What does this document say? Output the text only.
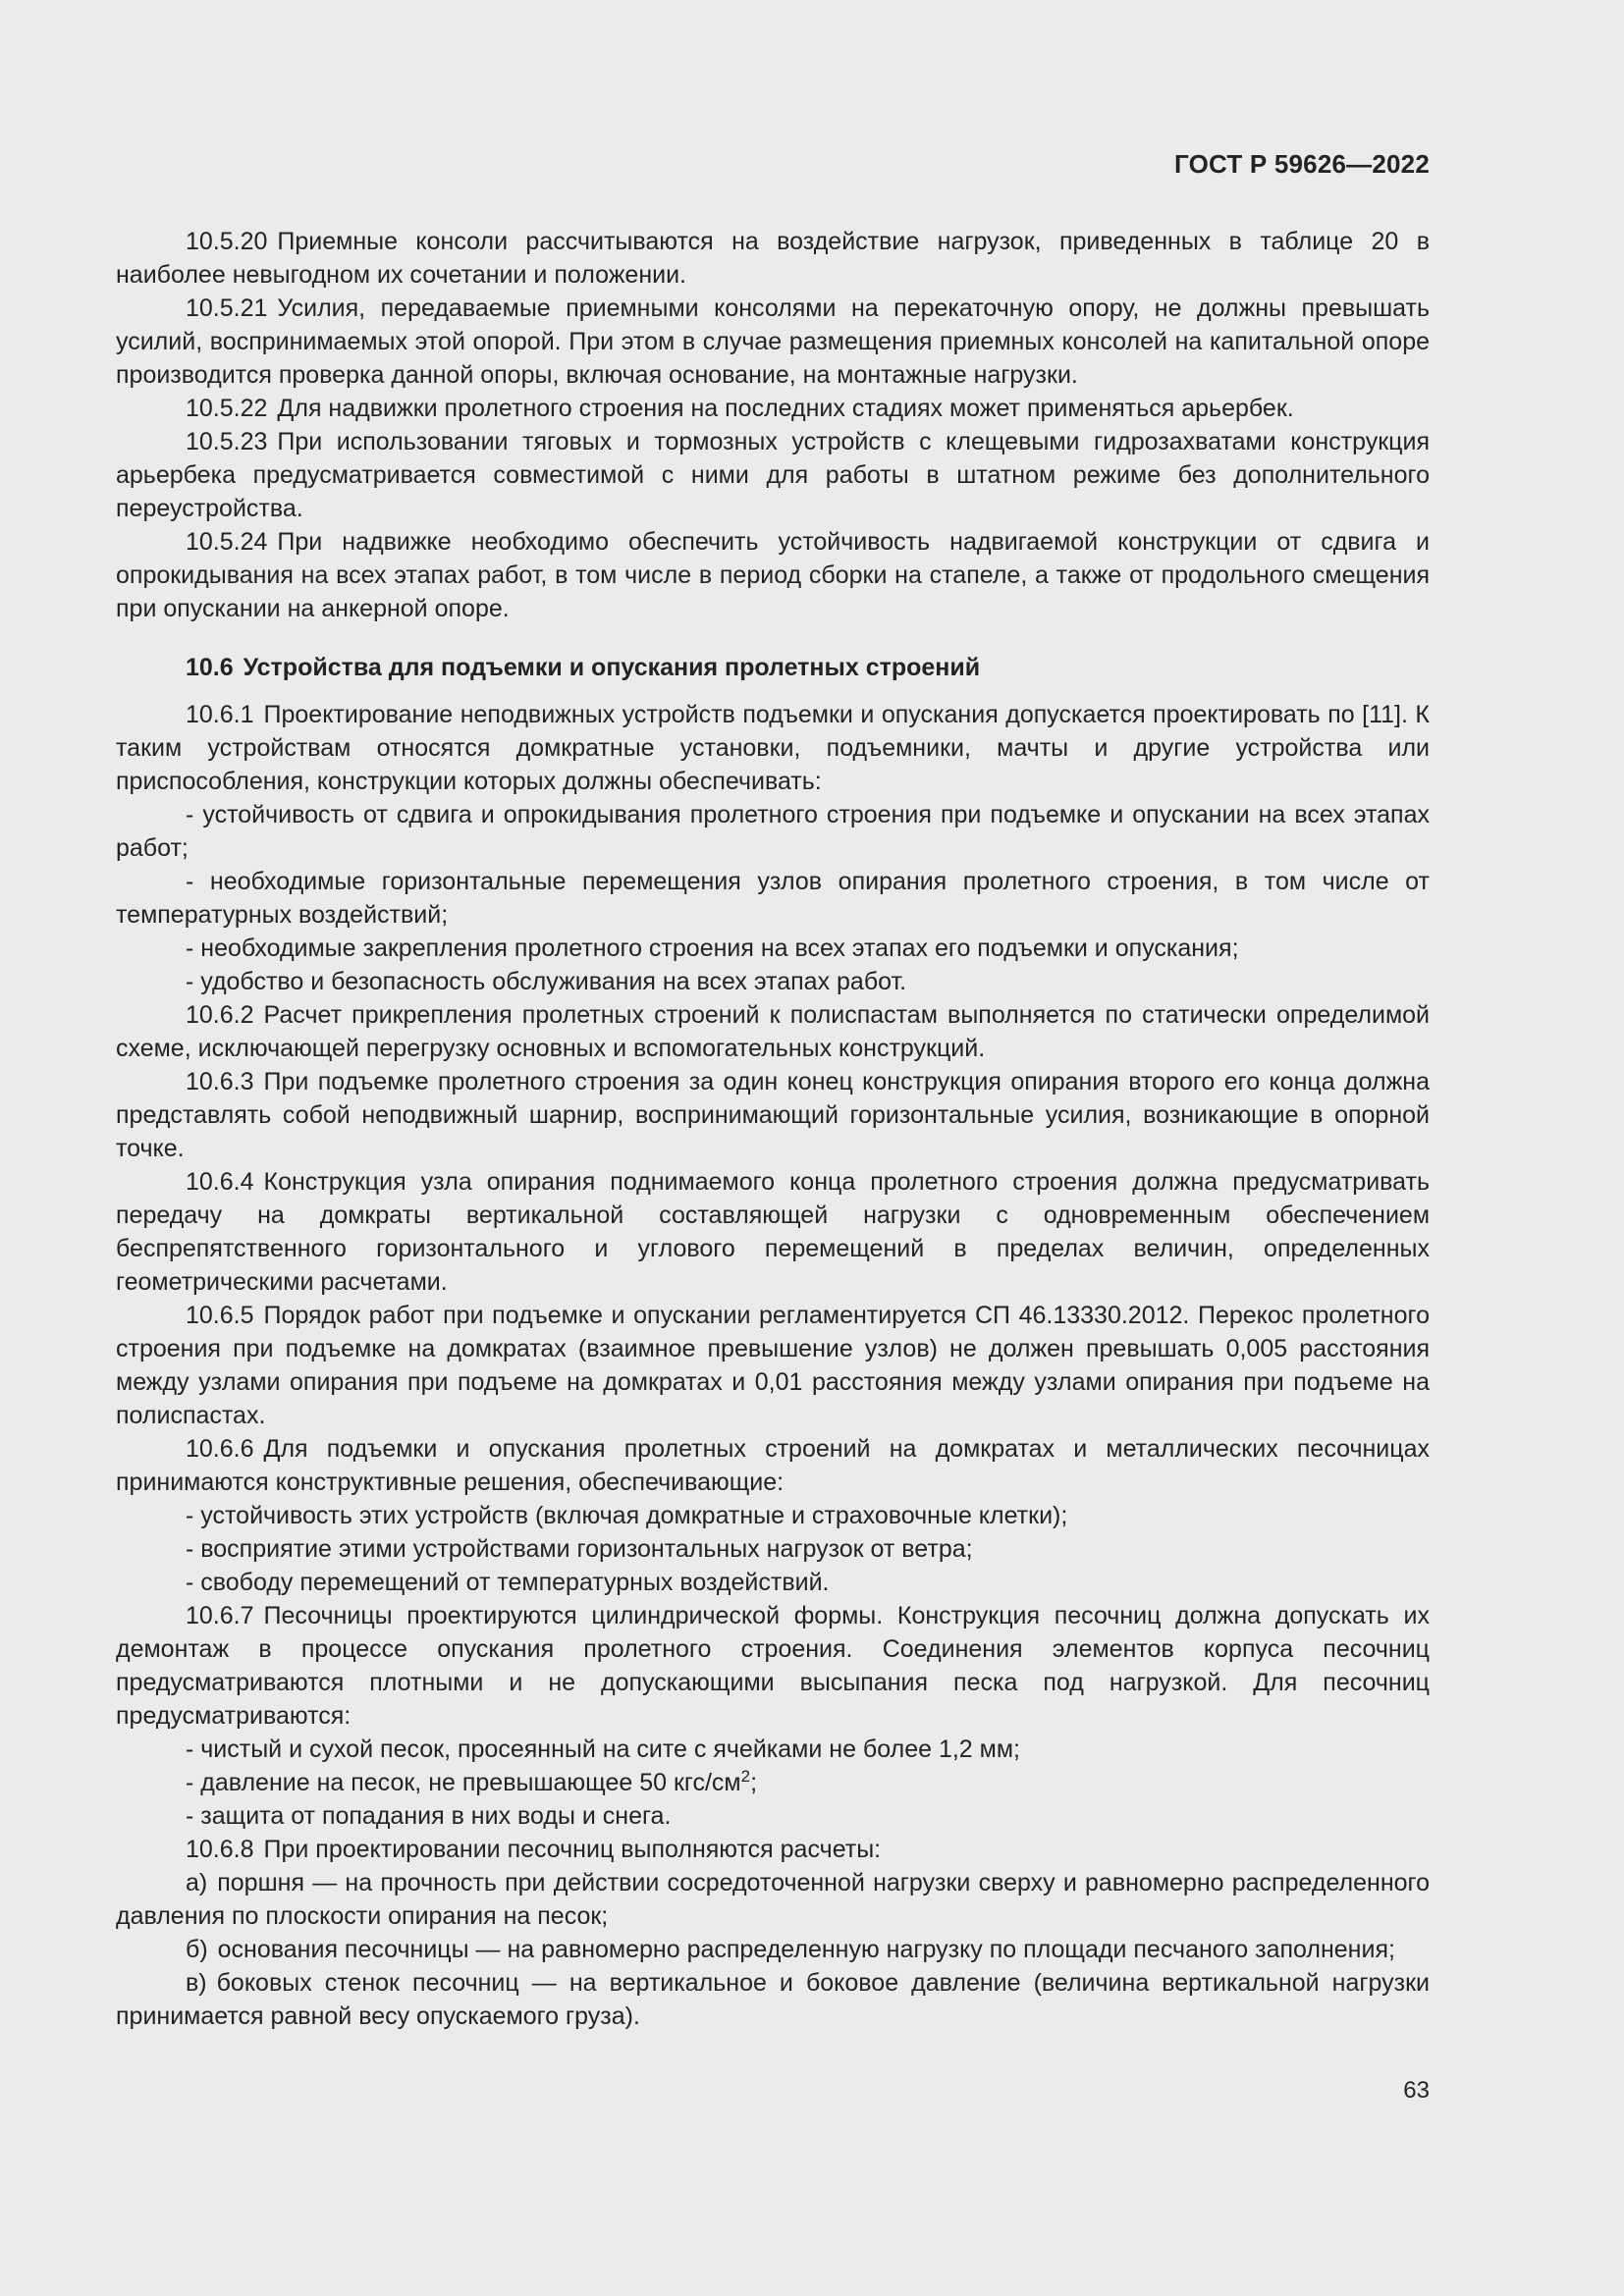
ГОСТ Р 59626—2022

10.5.20 Приемные консоли рассчитываются на воздействие нагрузок, приведенных в таблице 20 в наиболее невыгодном их сочетании и положении.

10.5.21 Усилия, передаваемые приемными консолями на перекаточную опору, не должны превышать усилий, воспринимаемых этой опорой. При этом в случае размещения приемных консолей на капитальной опоре производится проверка данной опоры, включая основание, на монтажные нагрузки.

10.5.22 Для надвижки пролетного строения на последних стадиях может применяться арьербек.

10.5.23 При использовании тяговых и тормозных устройств с клещевыми гидрозахватами конструкция арьербека предусматривается совместимой с ними для работы в штатном режиме без дополнительного переустройства.

10.5.24 При надвижке необходимо обеспечить устойчивость надвигаемой конструкции от сдвига и опрокидывания на всех этапах работ, в том числе в период сборки на стапеле, а также от продольного смещения при опускании на анкерной опоре.

10.6 Устройства для подъемки и опускания пролетных строений

10.6.1 Проектирование неподвижных устройств подъемки и опускания допускается проектировать по [11]. К таким устройствам относятся домкратные установки, подъемники, мачты и другие устройства или приспособления, конструкции которых должны обеспечивать:

- устойчивость от сдвига и опрокидывания пролетного строения при подъемке и опускании на всех этапах работ;

- необходимые горизонтальные перемещения узлов опирания пролетного строения, в том числе от температурных воздействий;

- необходимые закрепления пролетного строения на всех этапах его подъемки и опускания;

- удобство и безопасность обслуживания на всех этапах работ.

10.6.2 Расчет прикрепления пролетных строений к полиспастам выполняется по статически определимой схеме, исключающей перегрузку основных и вспомогательных конструкций.

10.6.3 При подъемке пролетного строения за один конец конструкция опирания второго его конца должна представлять собой неподвижный шарнир, воспринимающий горизонтальные усилия, возникающие в опорной точке.

10.6.4 Конструкция узла опирания поднимаемого конца пролетного строения должна предусматривать передачу на домкраты вертикальной составляющей нагрузки с одновременным обеспечением беспрепятственного горизонтального и углового перемещений в пределах величин, определенных геометрическими расчетами.

10.6.5 Порядок работ при подъемке и опускании регламентируется СП 46.13330.2012. Перекос пролетного строения при подъемке на домкратах (взаимное превышение узлов) не должен превышать 0,005 расстояния между узлами опирания при подъеме на домкратах и 0,01 расстояния между узлами опирания при подъеме на полиспастах.

10.6.6 Для подъемки и опускания пролетных строений на домкратах и металлических песочницах принимаются конструктивные решения, обеспечивающие:

- устойчивость этих устройств (включая домкратные и страховочные клетки);

- восприятие этими устройствами горизонтальных нагрузок от ветра;

- свободу перемещений от температурных воздействий.

10.6.7 Песочницы проектируются цилиндрической формы. Конструкция песочниц должна допускать их демонтаж в процессе опускания пролетного строения. Соединения элементов корпуса песочниц предусматриваются плотными и не допускающими высыпания песка под нагрузкой. Для песочниц предусматриваются:

- чистый и сухой песок, просеянный на сите с ячейками не более 1,2 мм;

- давление на песок, не превышающее 50 кгс/$см^2$;

- защита от попадания в них воды и снега.

10.6.8 При проектировании песочниц выполняются расчеты:

а) поршня — на прочность при действии сосредоточенной нагрузки сверху и равномерно распределенного давления по плоскости опирания на песок;

б) основания песочницы — на равномерно распределенную нагрузку по площади песчаного заполнения;

в) боковых стенок песочниц — на вертикальное и боковое давление (величина вертикальной нагрузки принимается равной весу опускаемого груза).

63
